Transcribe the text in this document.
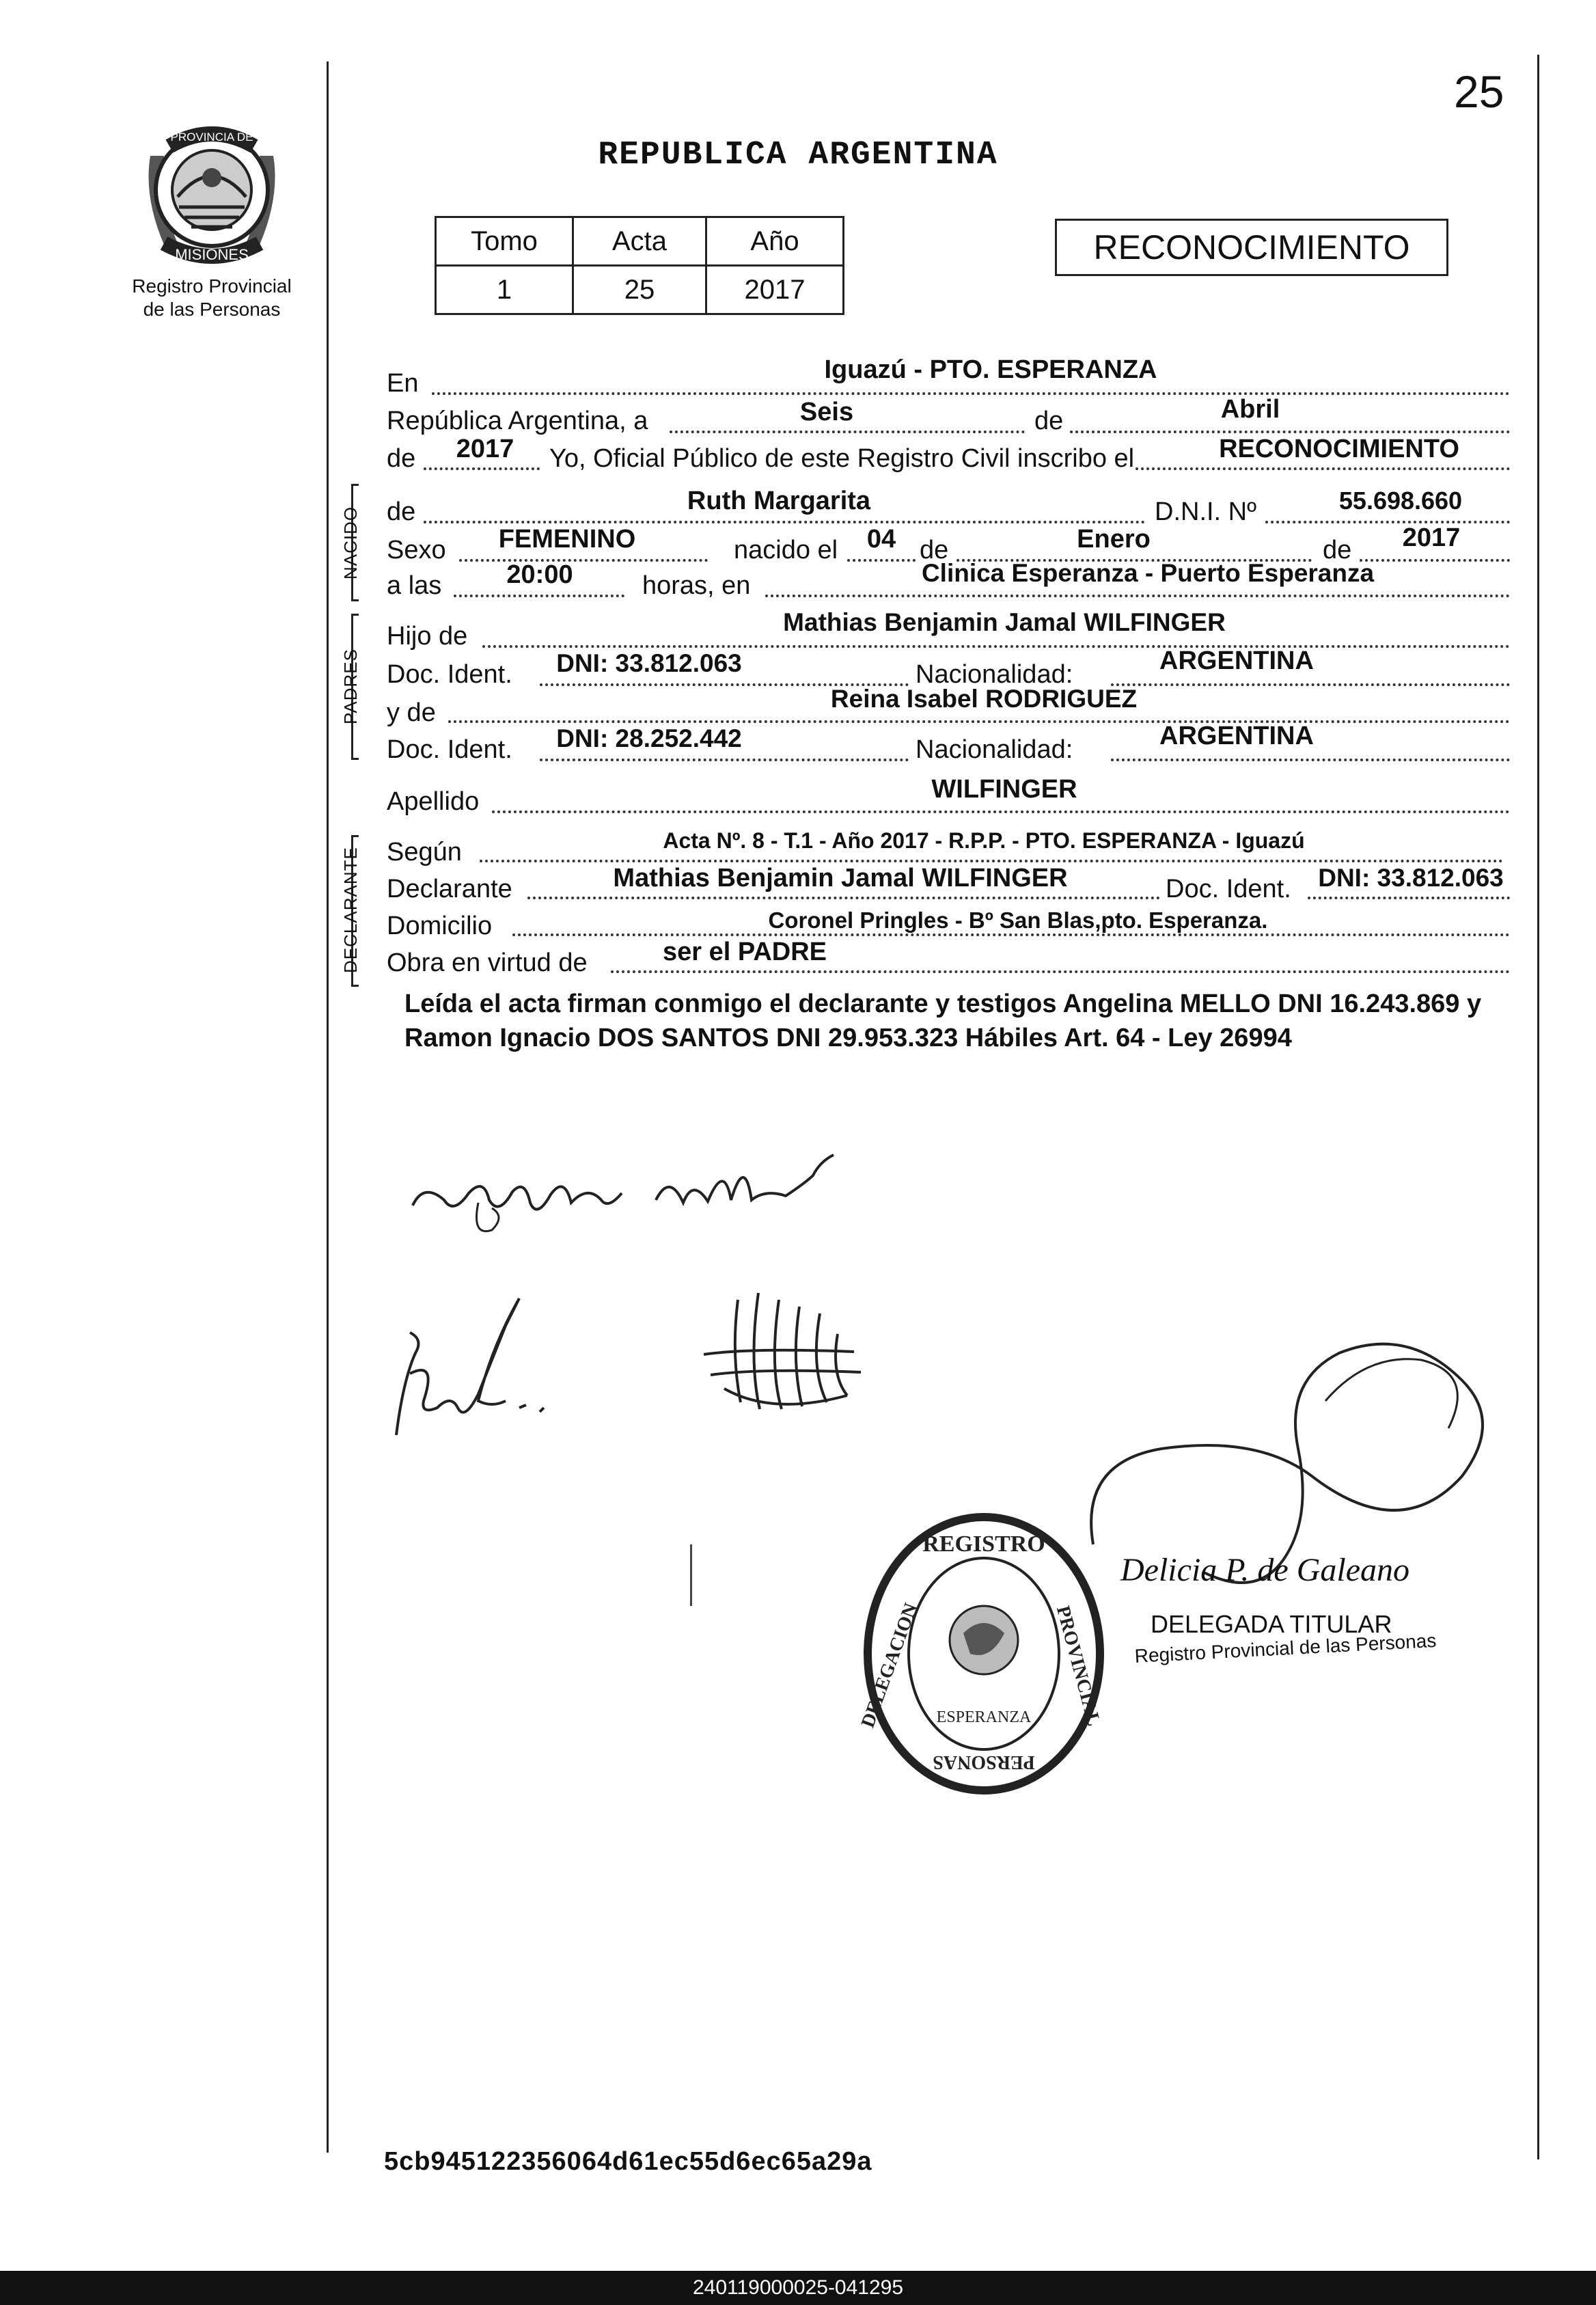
25
PROVINCIA DE
MISIONES
Registro Provincial
de las Personas
REPUBLICA ARGENTINA
Tomo	Acta	Año
1	25	2017
RECONOCIMIENTO
En	Iguazú - PTO. ESPERANZA
República Argentina, a	Seis	de	Abril
de	2017	Yo, Oficial Público de este Registro Civil inscribo el	RECONOCIMIENTO
NACIDO de	Ruth Margarita	D.N.I. Nº	55.698.660
Sexo	FEMENINO	nacido el	04 de	Enero	de	2017
a las	20:00	horas, en	Clinica Esperanza - Puerto Esperanza
PADRES
Hijo de	Mathias Benjamin Jamal WILFINGER
Doc. Ident.	DNI: 33.812.063	Nacionalidad:	ARGENTINA
y de	Reina Isabel RODRIGUEZ
Doc. Ident.	DNI: 28.252.442	Nacionalidad:	ARGENTINA
Apellido	WILFINGER
DECLARANTE Según	Acta Nº. 8 - T.1 - Año 2017 - R.P.P. - PTO. ESPERANZA - Iguazú
Declarante	Mathias Benjamin Jamal WILFINGER	Doc. Ident.	DNI: 33.812.063
Domicilio	Coronel Pringles - Bº San Blas,pto. Esperanza.
Obra en virtud de	ser el PADRE
Leída el acta firman conmigo el declarante y testigos Angelina MELLO DNI 16.243.869 y Ramon Ignacio DOS SANTOS DNI 29.953.323 Hábiles Art. 64 - Ley 26994
REGISTRO
DELEGACION	PROVINCIAL
PERSONAS
ESPERANZA
Delicia P. de Galeano
DELEGADA TITULAR
Registro Provincial de las Personas
5cb945122356064d61ec55d6ec65a29a
240119000025-041295
